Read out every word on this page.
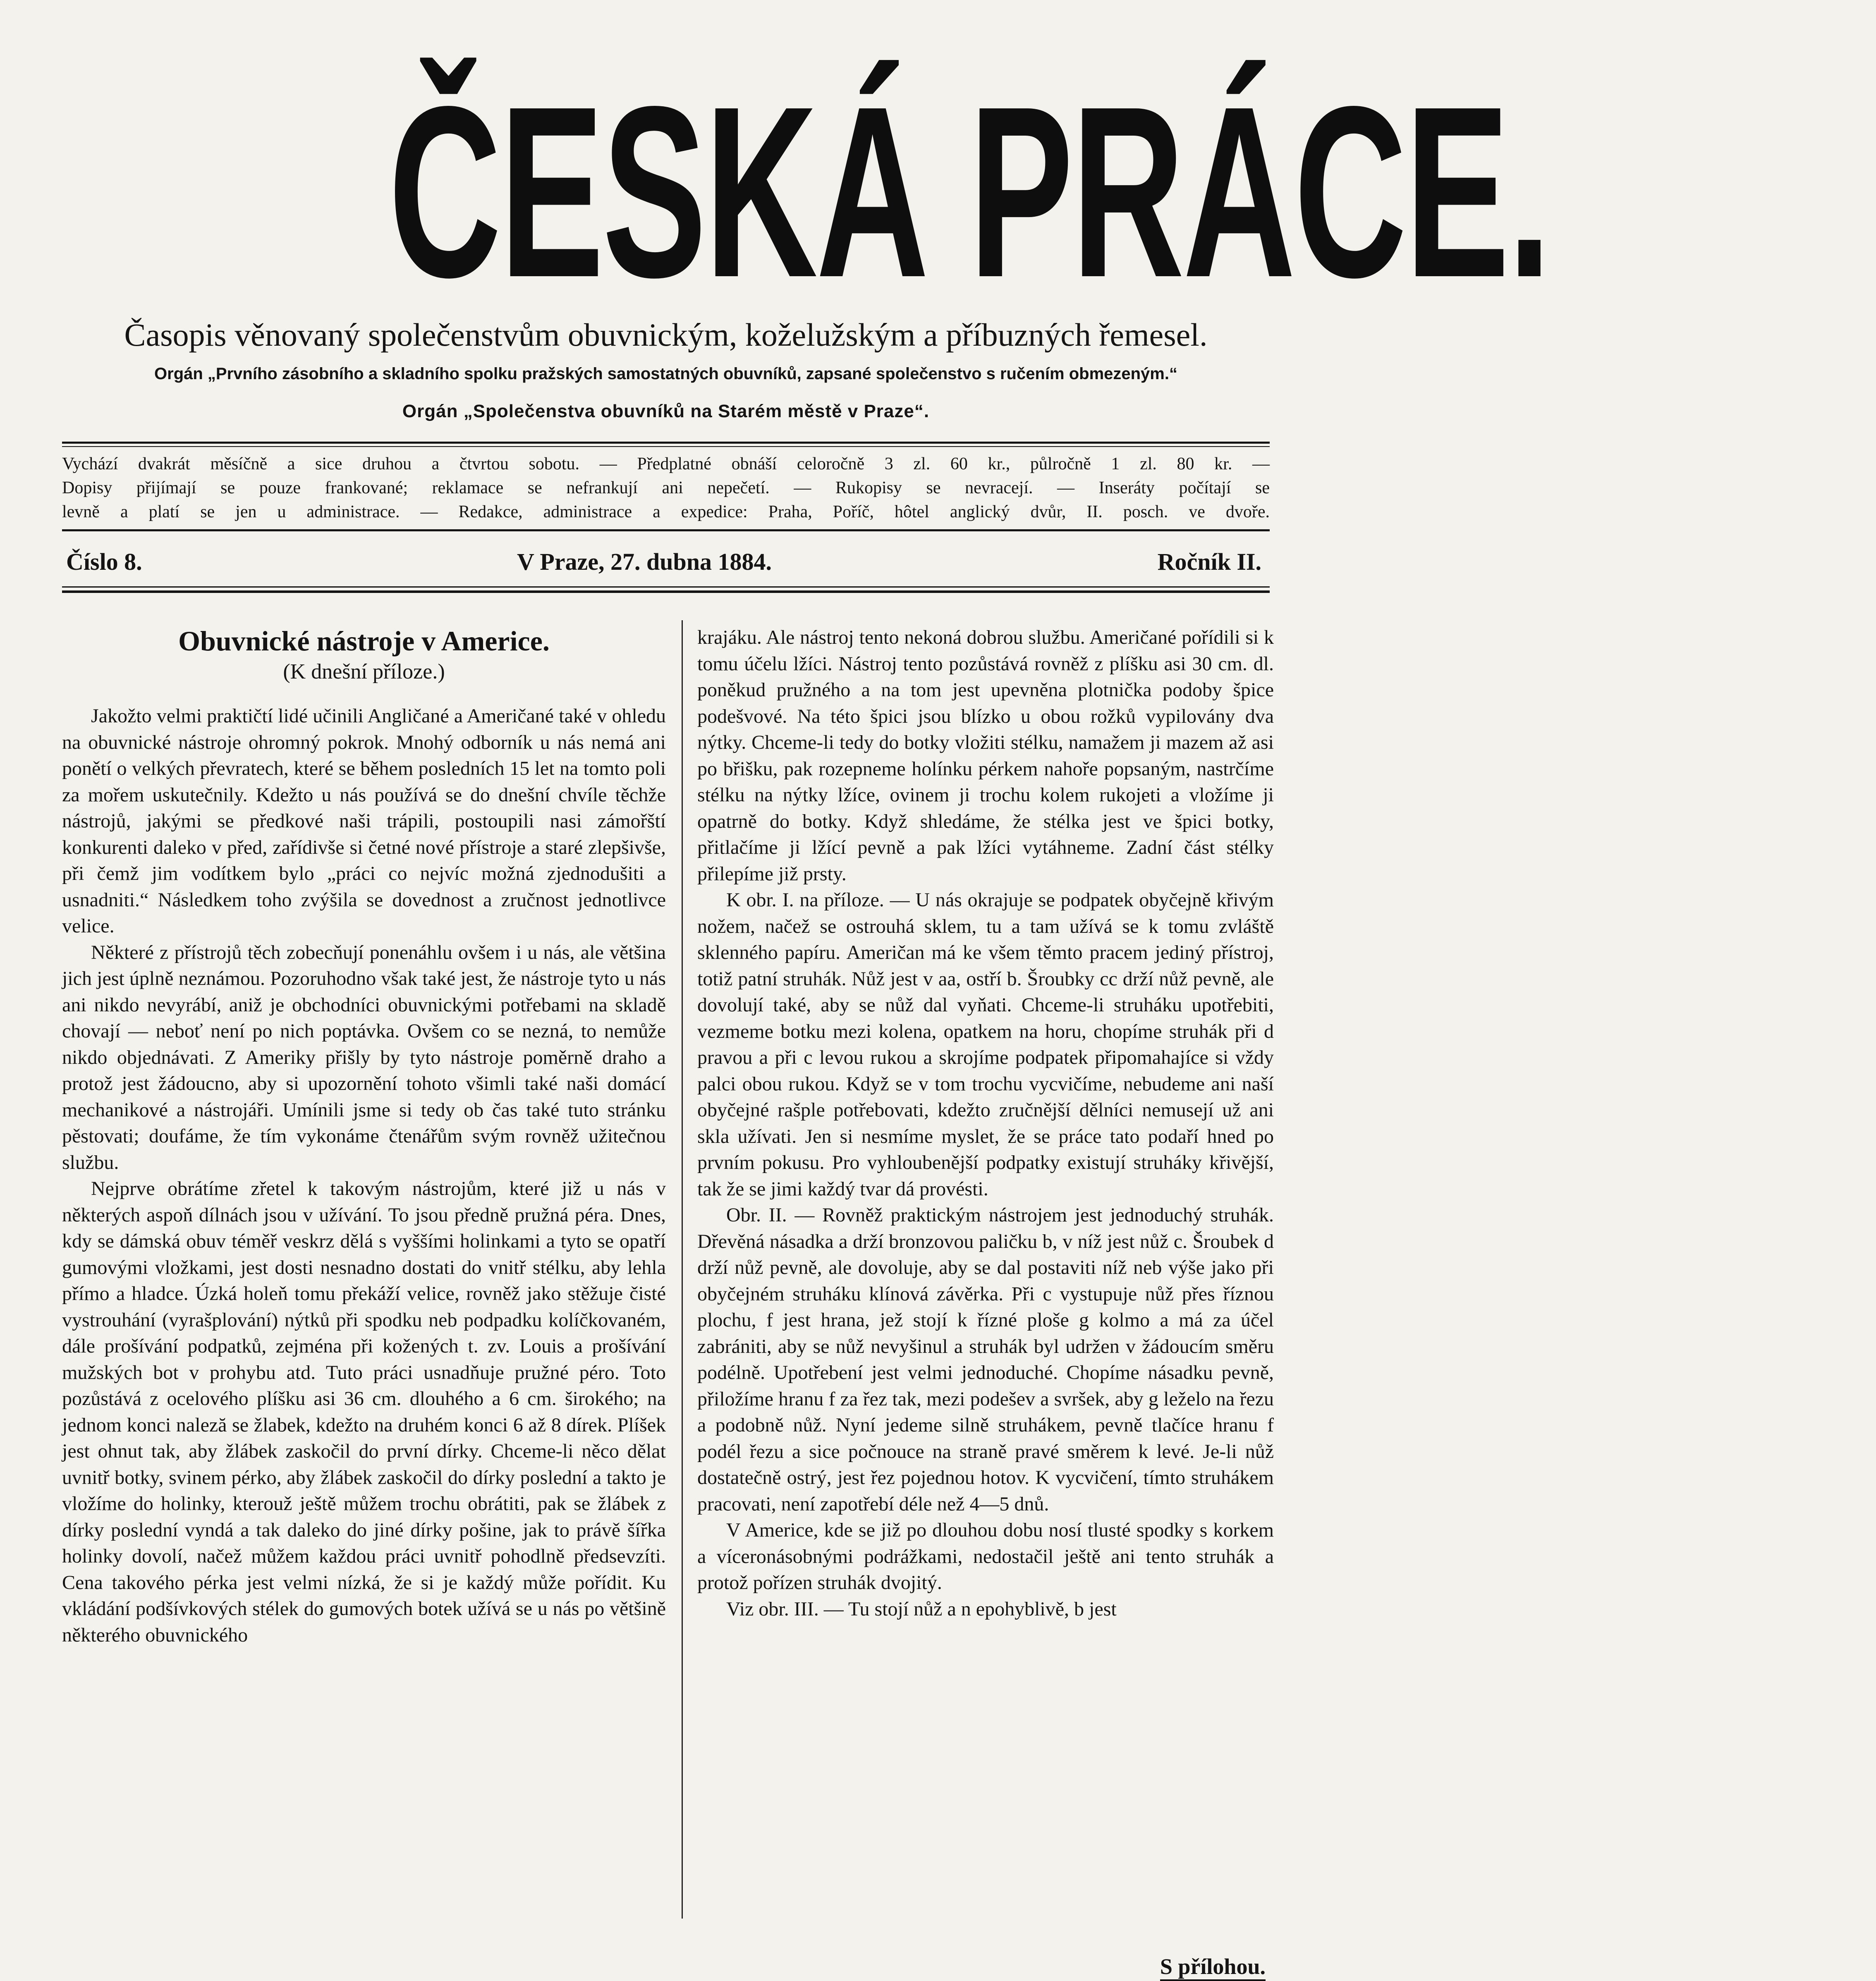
ČESKÁ PRÁCE.
Časopis věnovaný společenstvům obuvnickým, koželužským a příbuzných řemesel.
Orgán „Prvního zásobního a skladního spolku pražských samostatných obuvníků, zapsané společenstvo s ručením obmezeným.“
Orgán „Společenstva obuvníků na Starém městě v Praze“.
Vychází dvakrát měsíčně a sice druhou a čtvrtou sobotu. — Předplatné obnáší celoročně 3 zl. 60 kr., půlročně 1 zl. 80 kr. —
Dopisy přijímají se pouze frankované; reklamace se nefrankují ani nepečetí. — Rukopisy se nevracejí. — Inseráty počítají se
levně a platí se jen u administrace. — Redakce, administrace a expedice: Praha, Poříč, hôtel anglický dvůr, II. posch. ve dvoře.
Číslo 8.	V Praze, 27. dubna 1884.	Ročník II.
Obuvnické nástroje v Americe.
(K dnešní příloze.)

Jakožto velmi praktičtí lidé učinili Angličané a Američané také v ohledu na obuvnické nástroje ohromný pokrok. Mnohý odborník u nás nemá ani ponětí o velkých převratech, které se během posledních 15 let na tomto poli za mořem uskutečnily. Kdežto u nás používá se do dnešní chvíle těchže nástrojů, jakými se předkové naši trápili, postoupili nasi zámořští konkurenti daleko v před, zařídivše si četné nové přístroje a staré zlepšivše, při čemž jim vodítkem bylo „práci co nejvíc možná zjednodušiti a usnadniti.“ Následkem toho zvýšila se dovednost a zručnost jednotlivce velice.

Některé z přístrojů těch zobecňují ponenáhlu ovšem i u nás, ale většina jich jest úplně neznámou. Pozoruhodno však také jest, že nástroje tyto u nás ani nikdo nevyrábí, aniž je obchodníci obuvnickými potřebami na skladě chovají — neboť není po nich poptávka. Ovšem co se nezná, to nemůže nikdo objednávati. Z Ameriky přišly by tyto nástroje poměrně draho a protož jest žádoucno, aby si upozornění tohoto všimli také naši domácí mechanikové a nástrojáři. Umínili jsme si tedy ob čas také tuto stránku pěstovati; doufáme, že tím vykonáme čtenářům svým rovněž užitečnou službu.

Nejprve obrátíme zřetel k takovým nástrojům, které již u nás v některých aspoň dílnách jsou v užívání. To jsou předně pružná péra. Dnes, kdy se dámská obuv téměř veskrz dělá s vyššími holinkami a tyto se opatří gumovými vložkami, jest dosti nesnadno dostati do vnitř stélku, aby lehla přímo a hladce. Úzká holeň tomu překáží velice, rovněž jako stěžuje čisté vystrouhání (vyrašplování) nýtků při spodku neb podpadku kolíčkovaném, dále prošívání podpatků, zejména při kožených t. zv. Louis a prošívání mužských bot v prohybu atd. Tuto práci usnadňuje pružné péro. Toto pozůstává z ocelového plíšku asi 36 cm. dlouhého a 6 cm. širokého; na jednom konci naleză se žlabek, kdežto na druhém konci 6 až 8 dírek. Plíšek jest ohnut tak, aby žlábek zaskočil do první dírky. Chceme-li něco dělat uvnitř botky, svinem pérko, aby žlábek zaskočil do dírky poslední a takto je vložíme do holinky, kterouž ještě můžem trochu obrátiti, pak se žlábek z dírky poslední vyndá a tak daleko do jiné dírky pošine, jak to právě šířka holinky dovolí, načež můžem každou práci uvnitř pohodlně předsevzíti. Cena takového pérka jest velmi nízká, že si je každý může pořídit. Ku vkládání podšívkových stélek do gumových botek užívá se u nás po většině některého obuvnického

krajáku. Ale nástroj tento nekoná dobrou službu. Američané pořídili si k tomu účelu lžíci. Nástroj tento pozůstává rovněž z plíšku asi 30 cm. dl. poněkud pružného a na tom jest upevněna plotnička podoby špice podešvové. Na této špici jsou blízko u obou rožků vypilovány dva nýtky. Chceme-li tedy do botky vložiti stélku, namažem ji mazem až asi po břišku, pak rozepneme holínku pérkem nahoře popsaným, nastrčíme stélku na nýtky lžíce, ovinem ji trochu kolem rukojeti a vložíme ji opatrně do botky. Když shledáme, že stélka jest ve špici botky, přitlačíme ji lžící pevně a pak lžíci vytáhneme. Zadní část stélky přilepíme již prsty.

K obr. I. na příloze. — U nás okrajuje se podpatek obyčejně křivým nožem, načež se ostrouhá sklem, tu a tam užívá se k tomu zvláště sklenného papíru. Američan má ke všem těmto pracem jediný přístroj, totiž patní struhák. Nůž jest v aa, ostří b. Šroubky cc drží nůž pevně, ale dovolují také, aby se nůž dal vyňati. Chceme-li struháku upotřebiti, vezmeme botku mezi kolena, opatkem na horu, chopíme struhák při d pravou a při c levou rukou a skrojíme podpatek připomahajíce si vždy palci obou rukou. Když se v tom trochu vycvičíme, nebudeme ani naší obyčejné rašple potřebovati, kdežto zručnější dělníci nemusejí už ani skla užívati. Jen si nesmíme myslet, že se práce tato podaří hned po prvním pokusu. Pro vyhloubenější podpatky existují struháky křivější, tak že se jimi každý tvar dá provésti.

Obr. II. — Rovněž praktickým nástrojem jest jednoduchý struhák. Dřevěná násadka a drží bronzovou paličku b, v níž jest nůž c. Šroubek d drží nůž pevně, ale dovoluje, aby se dal postaviti níž neb výše jako při obyčejném struháku klínová závěrka. Při c vystupuje nůž přes říznou plochu, f jest hrana, jež stojí k řízné ploše g kolmo a má za účel zabrániti, aby se nůž nevyšinul a struhák byl udržen v žádoucím směru podélně. Upotřebení jest velmi jednoduché. Chopíme násadku pevně, přiložíme hranu f za řez tak, mezi podešev a svršek, aby g leželo na řezu a podobně nůž. Nyní jedeme silně struhákem, pevně tlačíce hranu f podél řezu a sice počnouce na straně pravé směrem k levé. Je-li nůž dostatečně ostrý, jest řez pojednou hotov. K vycvičení, tímto struhákem pracovati, není zapotřebí déle než 4—5 dnů.

V Americe, kde se již po dlouhou dobu nosí tlusté spodky s korkem a víceronásobnými podrážkami, nedostačil ještě ani tento struhák a protož pořízen struhák dvojitý.

Viz obr. III. — Tu stojí nůž a n epohyblivě, b jest

S přílohou.
